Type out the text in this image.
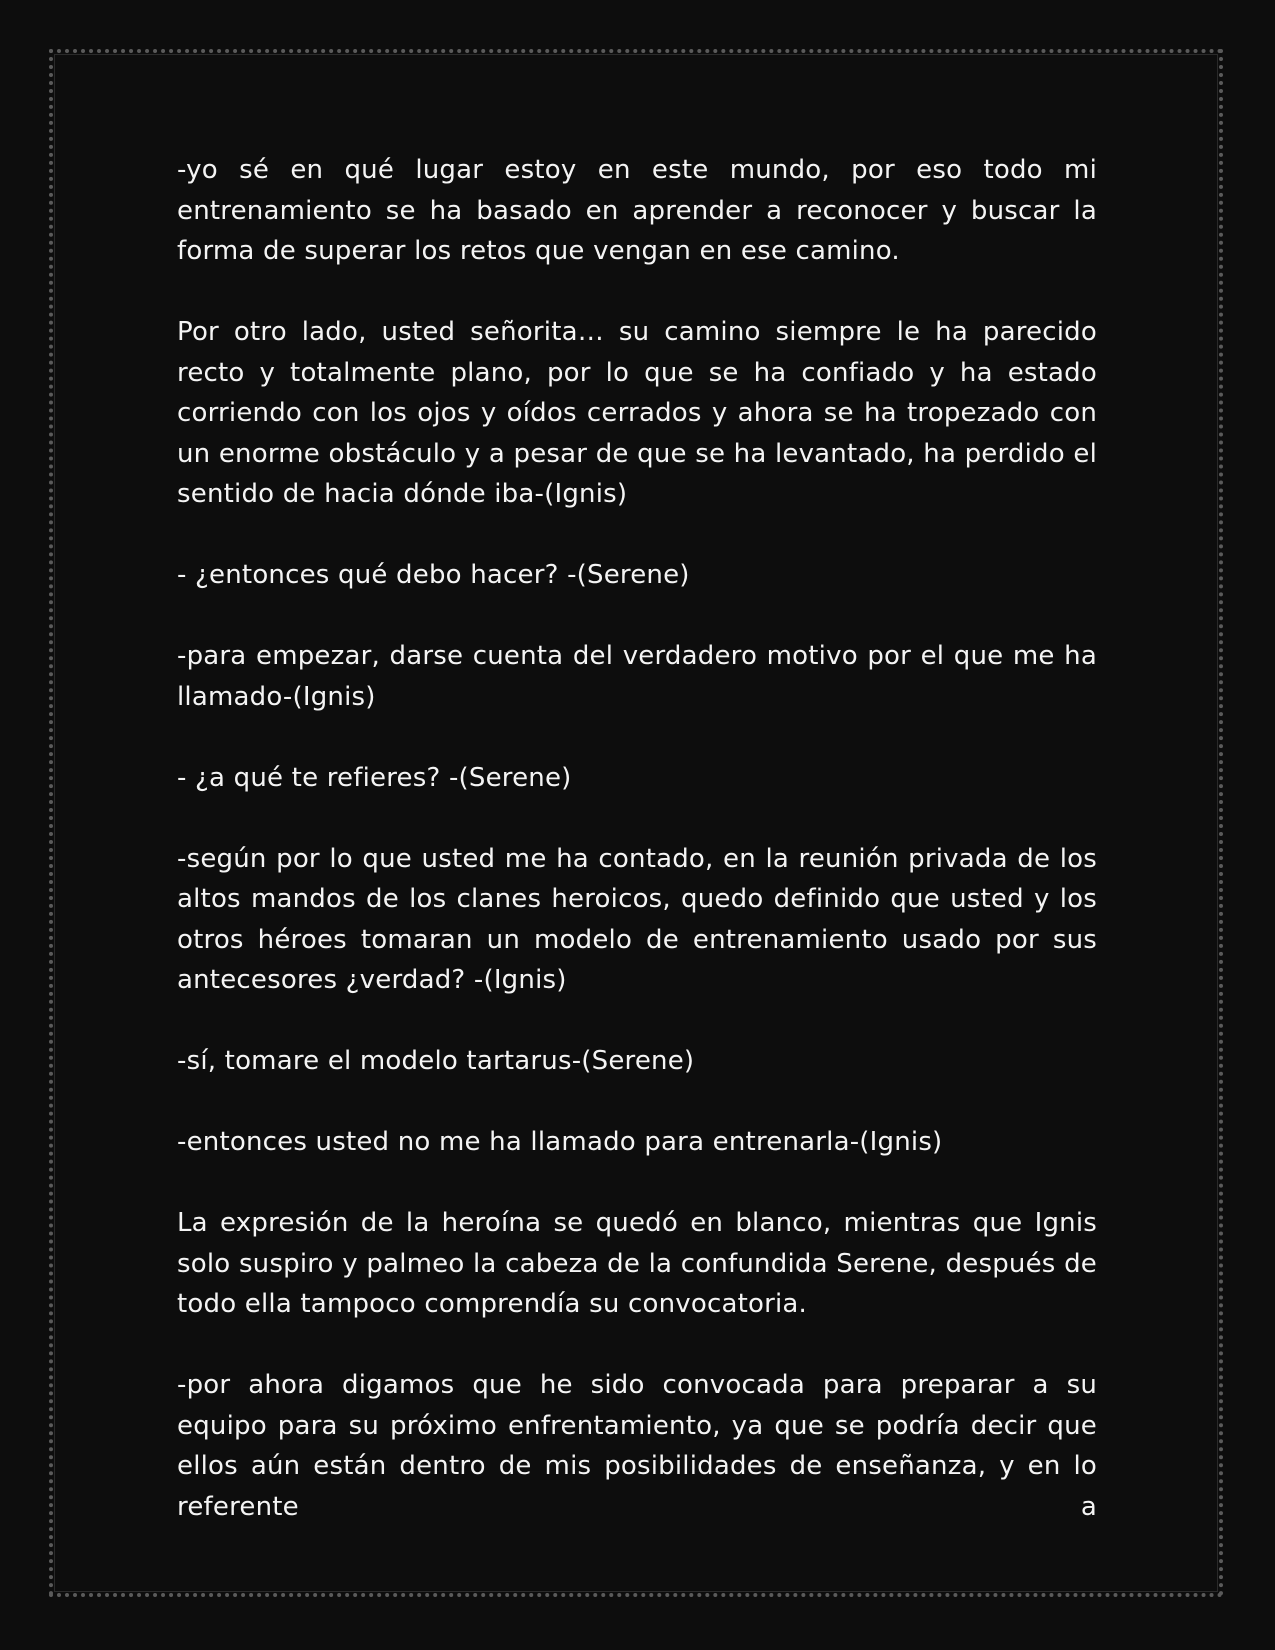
-yo sé en qué lugar estoy en este mundo, por eso todo mi entrenamiento se ha basado en aprender a reconocer y buscar la forma de superar los retos que vengan en ese camino.

Por otro lado, usted señorita… su camino siempre le ha parecido recto y totalmente plano, por lo que se ha confiado y ha estado corriendo con los ojos y oídos cerrados y ahora se ha tropezado con un enorme obstáculo y a pesar de que se ha levantado, ha perdido el sentido de hacia dónde iba-(Ignis)

- ¿entonces qué debo hacer? -(Serene)

-para empezar, darse cuenta del verdadero motivo por el que me ha llamado-(Ignis)

- ¿a qué te refieres? -(Serene)

-según por lo que usted me ha contado, en la reunión privada de los altos mandos de los clanes heroicos, quedo definido que usted y los otros héroes tomaran un modelo de entrenamiento usado por sus antecesores ¿verdad? -(Ignis)

-sí, tomare el modelo tartarus-(Serene)

-entonces usted no me ha llamado para entrenarla-(Ignis)

La expresión de la heroína se quedó en blanco, mientras que Ignis solo suspiro y palmeo la cabeza de la confundida Serene, después de todo ella tampoco comprendía su convocatoria.

-por ahora digamos que he sido convocada para preparar a su equipo para su próximo enfrentamiento, ya que se podría decir que ellos aún están dentro de mis posibilidades de enseñanza, y en lo referente a
